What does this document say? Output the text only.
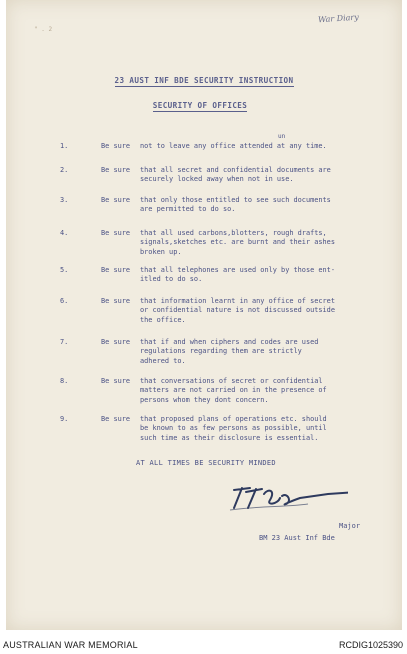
War Diary
" . 2
23 AUST INF BDE SECURITY INSTRUCTION
SECURITY OF OFFICES
1.	Be sure not to leave any office attended at any time.
un
2.	Be sure that all secret and confidential documents are
securely locked away when not in use.
3.	Be sure that only those entitled to see such documents
are permitted to do so.
4.	Be sure that all used carbons,blotters, rough drafts,
signals,sketches etc. are burnt and their ashes
broken up.
5.	Be sure that all telephones are used only by those ent-
itled to do so.
6.	Be sure that information learnt in any office of secret
or confidential nature is not discussed outside
the office.
7.	Be sure that if and when ciphers and codes are used
regulations regarding them are strictly
adhered to.
8.	Be sure that conversations of secret or confidential
matters are not carried on in the presence of
persons whom they dont concern.
9.	Be sure that proposed plans of operations etc. should
be known to as few persons as possible, until
such time as their disclosure is essential.
AT ALL TIMES BE SECURITY MINDED
Major
BM 23 Aust Inf Bde
AUSTRALIAN WAR MEMORIAL	RCDIG1025390
